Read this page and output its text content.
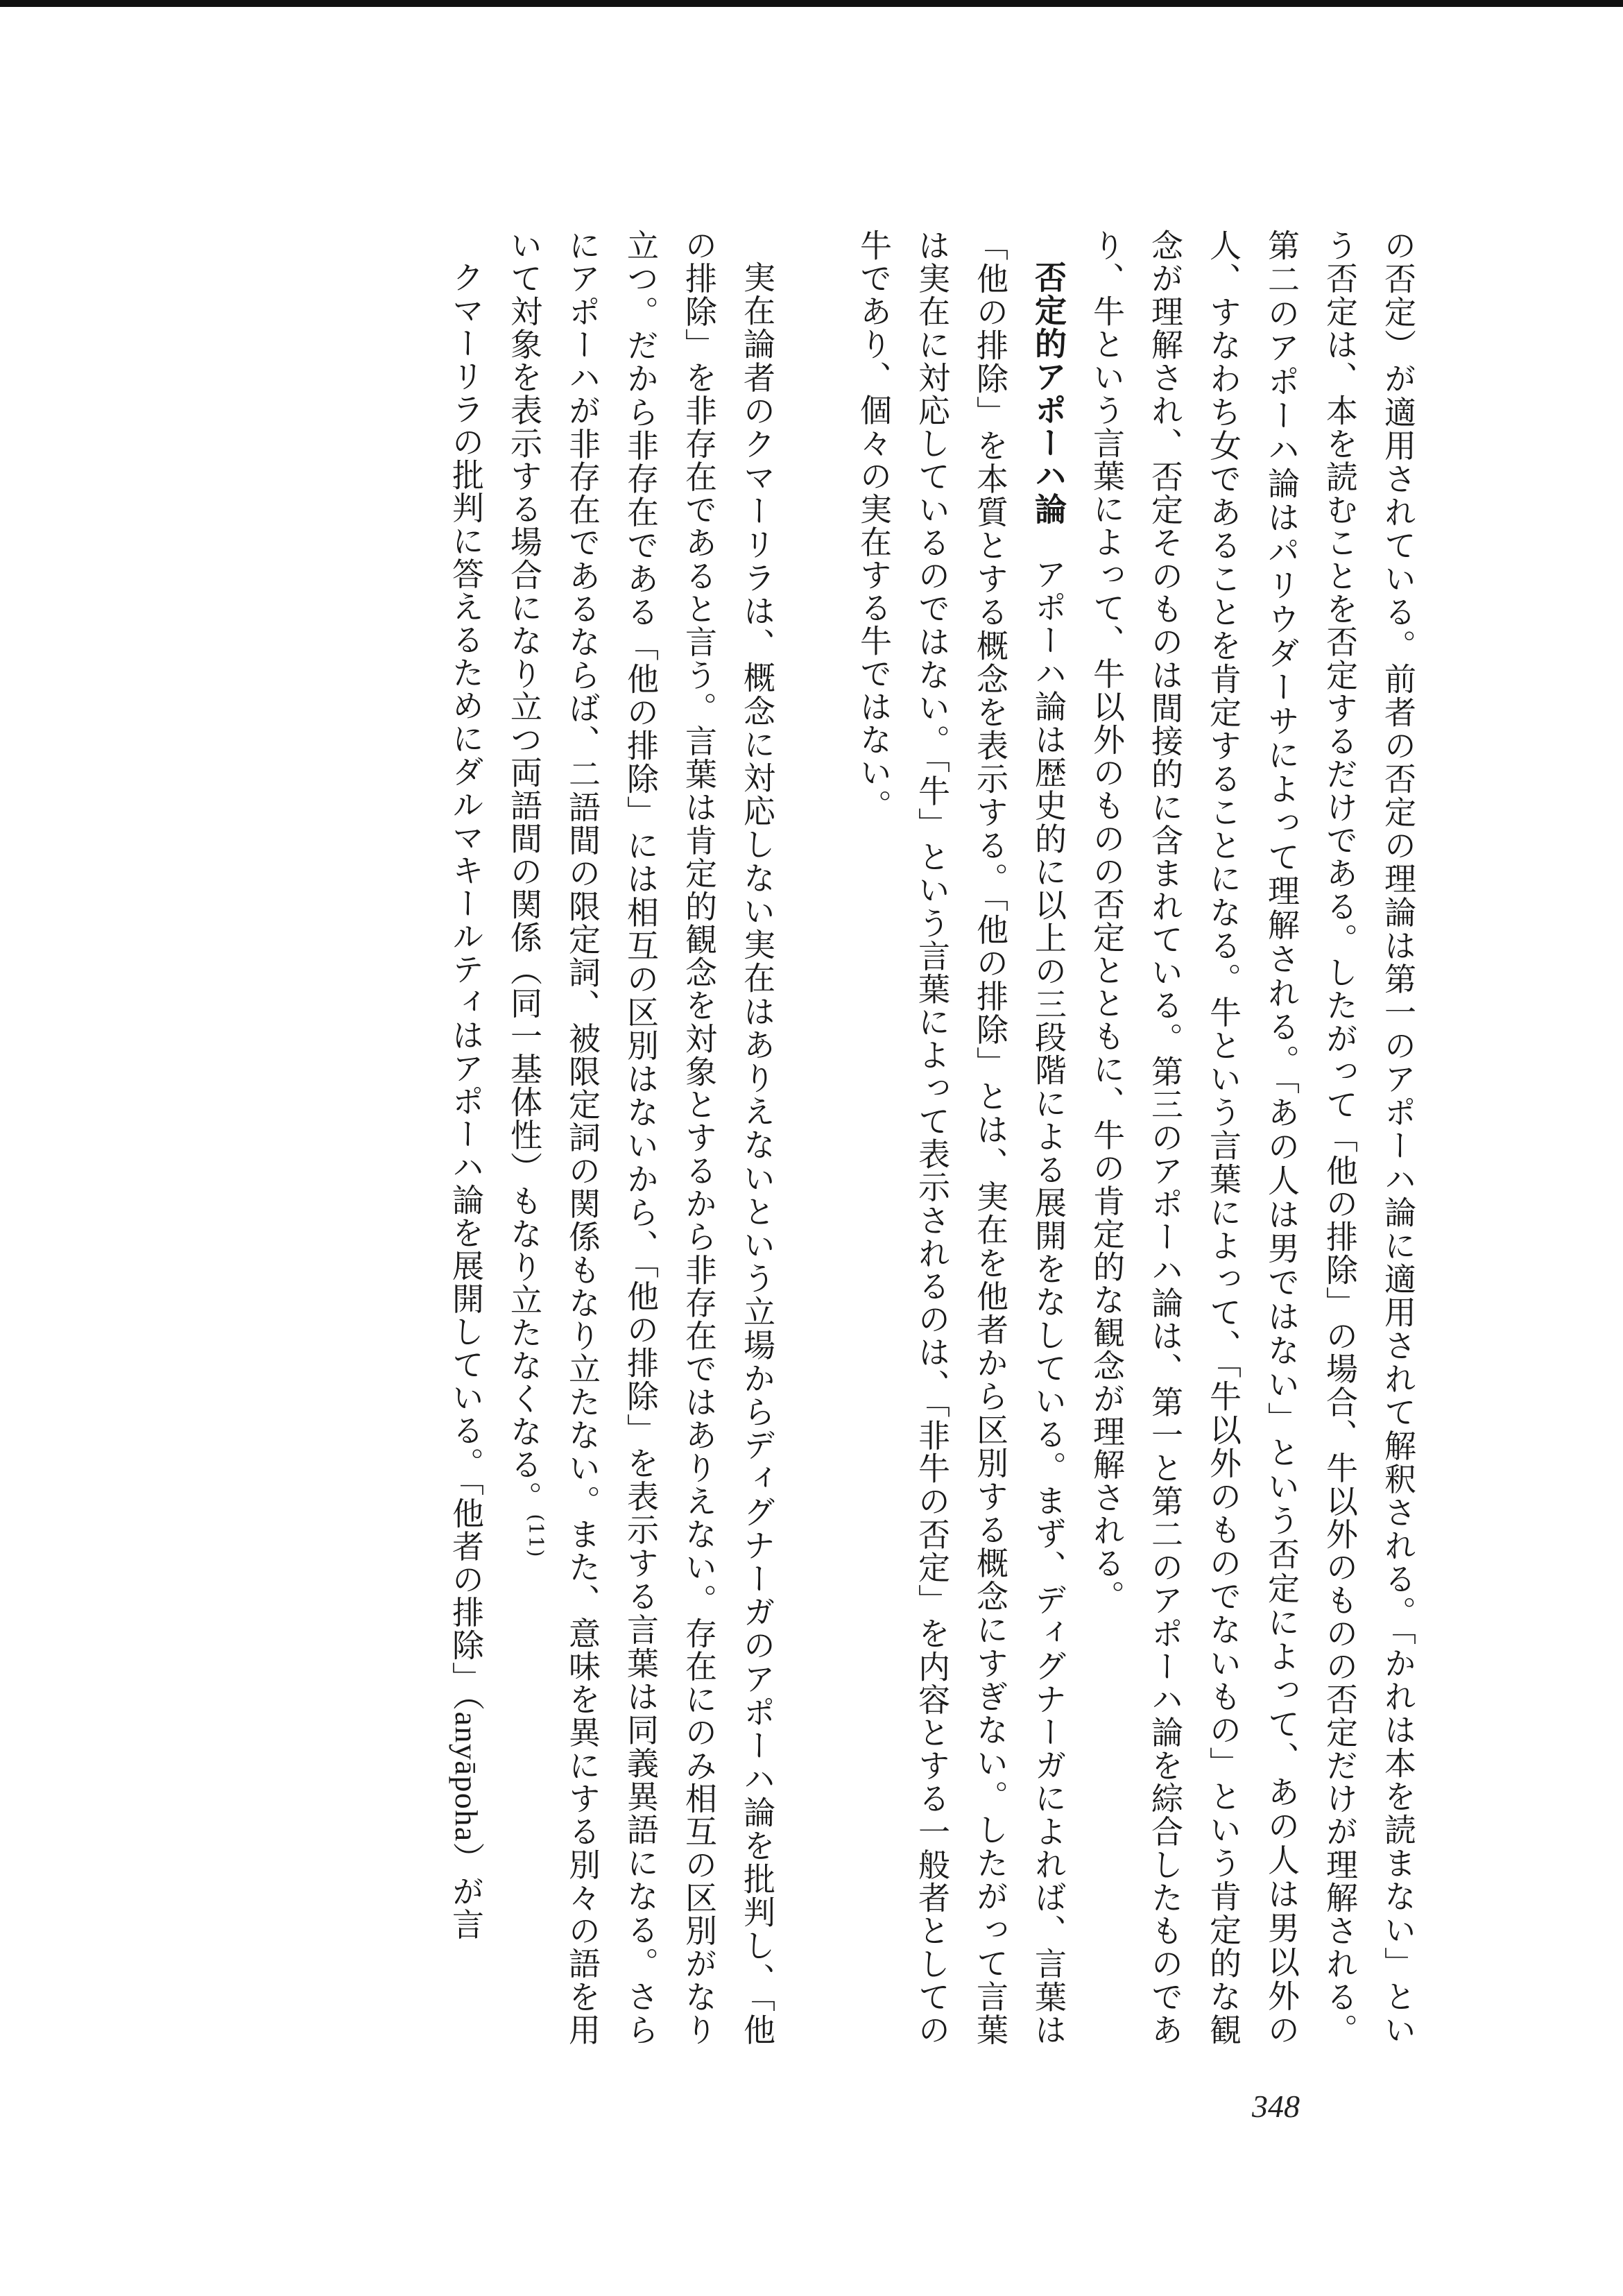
の否定）が適用されている。前者の否定の理論は第一のアポーハ論に適用されて解釈される。「かれは本を読まない」という否定は、本を読むことを否定するだけである。したがって「他の排除」の場合、牛以外のものの否定だけが理解される。第二のアポーハ論はパリウダーサによって理解される。「あの人は男ではない」という否定によって、あの人は男以外の人、すなわち女であることを肯定することになる。牛という言葉によって、「牛以外のものでないもの」という肯定的な観念が理解され、否定そのものは間接的に含まれている。第三のアポーハ論は、第一と第二のアポーハ論を綜合したものであり、牛という言葉によって、牛以外のものの否定とともに、牛の肯定的な観念が理解される。

否定的アポーハ論アポーハ論は歴史的に以上の三段階による展開をなしている。まず、ディグナーガによれば、言葉は「他の排除」を本質とする概念を表示する。「他の排除」とは、実在を他者から区別する概念にすぎない。したがって言葉は実在に対応しているのではない。「牛」という言葉によって表示されるのは、「非牛の否定」を内容とする一般者としての牛であり、個々の実在する牛ではない。

実在論者のクマーリラは、概念に対応しない実在はありえないという立場からディグナーガのアポーハ論を批判し、「他の排除」を非存在であると言う。言葉は肯定的観念を対象とするから非存在ではありえない。存在にのみ相互の区別がなり立つ。だから非存在である「他の排除」には相互の区別はないから、「他の排除」を表示する言葉は同義異語になる。さらにアポーハが非存在であるならば、二語間の限定詞、被限定詞の関係もなり立たない。また、意味を異にする別々の語を用いて対象を表示する場合になり立つ両語間の関係（同一基体性）もなり立たなくなる。$^{(11)}$

クマーリラの批判に答えるためにダルマキールティはアポーハ論を展開している。「他者の排除」（anyāpoha）が言

348
